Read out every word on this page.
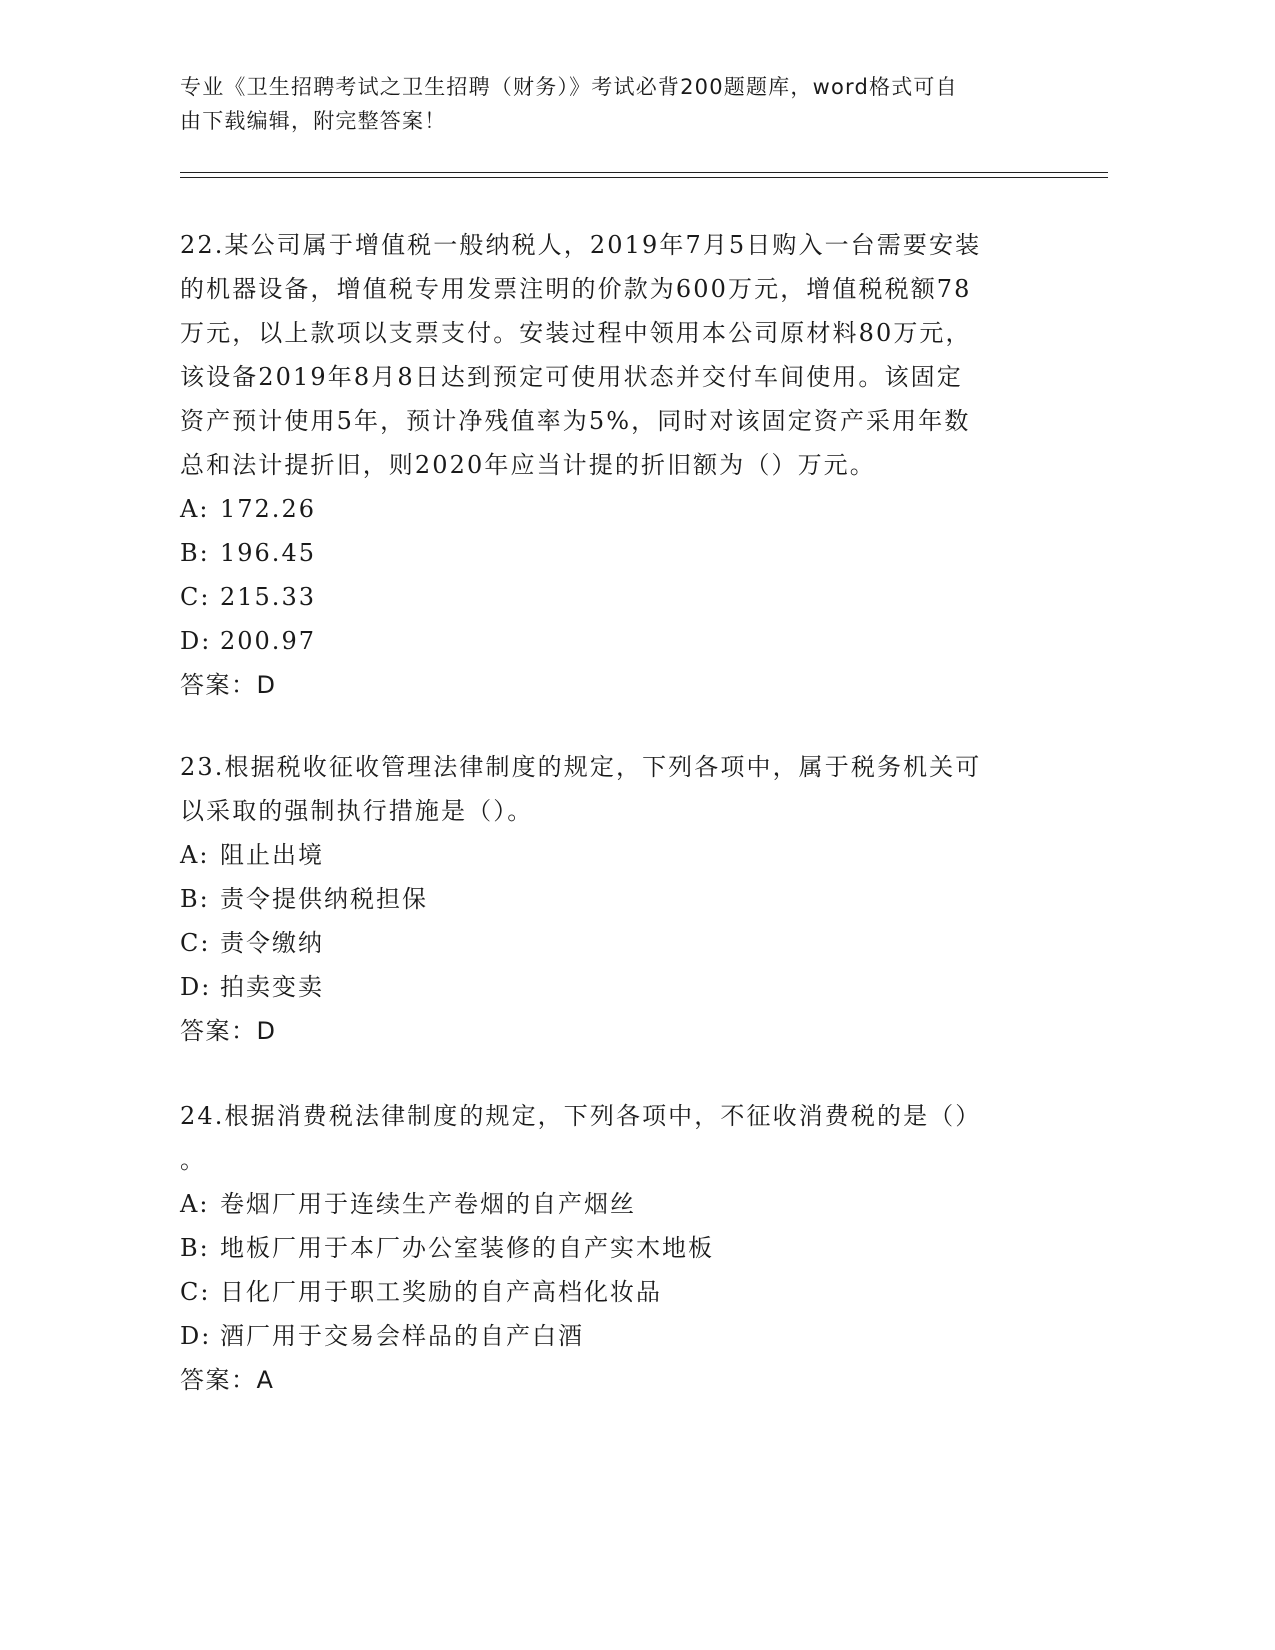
专业《卫生招聘考试之卫生招聘（财务）》考试必背200题题库，word格式可自
由下载编辑，附完整答案！
22.某公司属于增值税一般纳税人，2019年7月5日购入一台需要安装
的机器设备，增值税专用发票注明的价款为600万元，增值税税额78
万元，以上款项以支票支付。安装过程中领用本公司原材料80万元，
该设备2019年8月8日达到预定可使用状态并交付车间使用。该固定
资产预计使用5年，预计净残值率为5%，同时对该固定资产采用年数
总和法计提折旧，则2020年应当计提的折旧额为（）万元。
A: 172.26
B: 196.45
C: 215.33
D: 200.97
答案：D
23.根据税收征收管理法律制度的规定，下列各项中，属于税务机关可
以采取的强制执行措施是（）。
A: 阻止出境
B: 责令提供纳税担保
C: 责令缴纳
D: 拍卖变卖
答案：D
24.根据消费税法律制度的规定，下列各项中，不征收消费税的是（）
。
A: 卷烟厂用于连续生产卷烟的自产烟丝
B: 地板厂用于本厂办公室装修的自产实木地板
C: 日化厂用于职工奖励的自产高档化妆品
D: 酒厂用于交易会样品的自产白酒
答案：A
